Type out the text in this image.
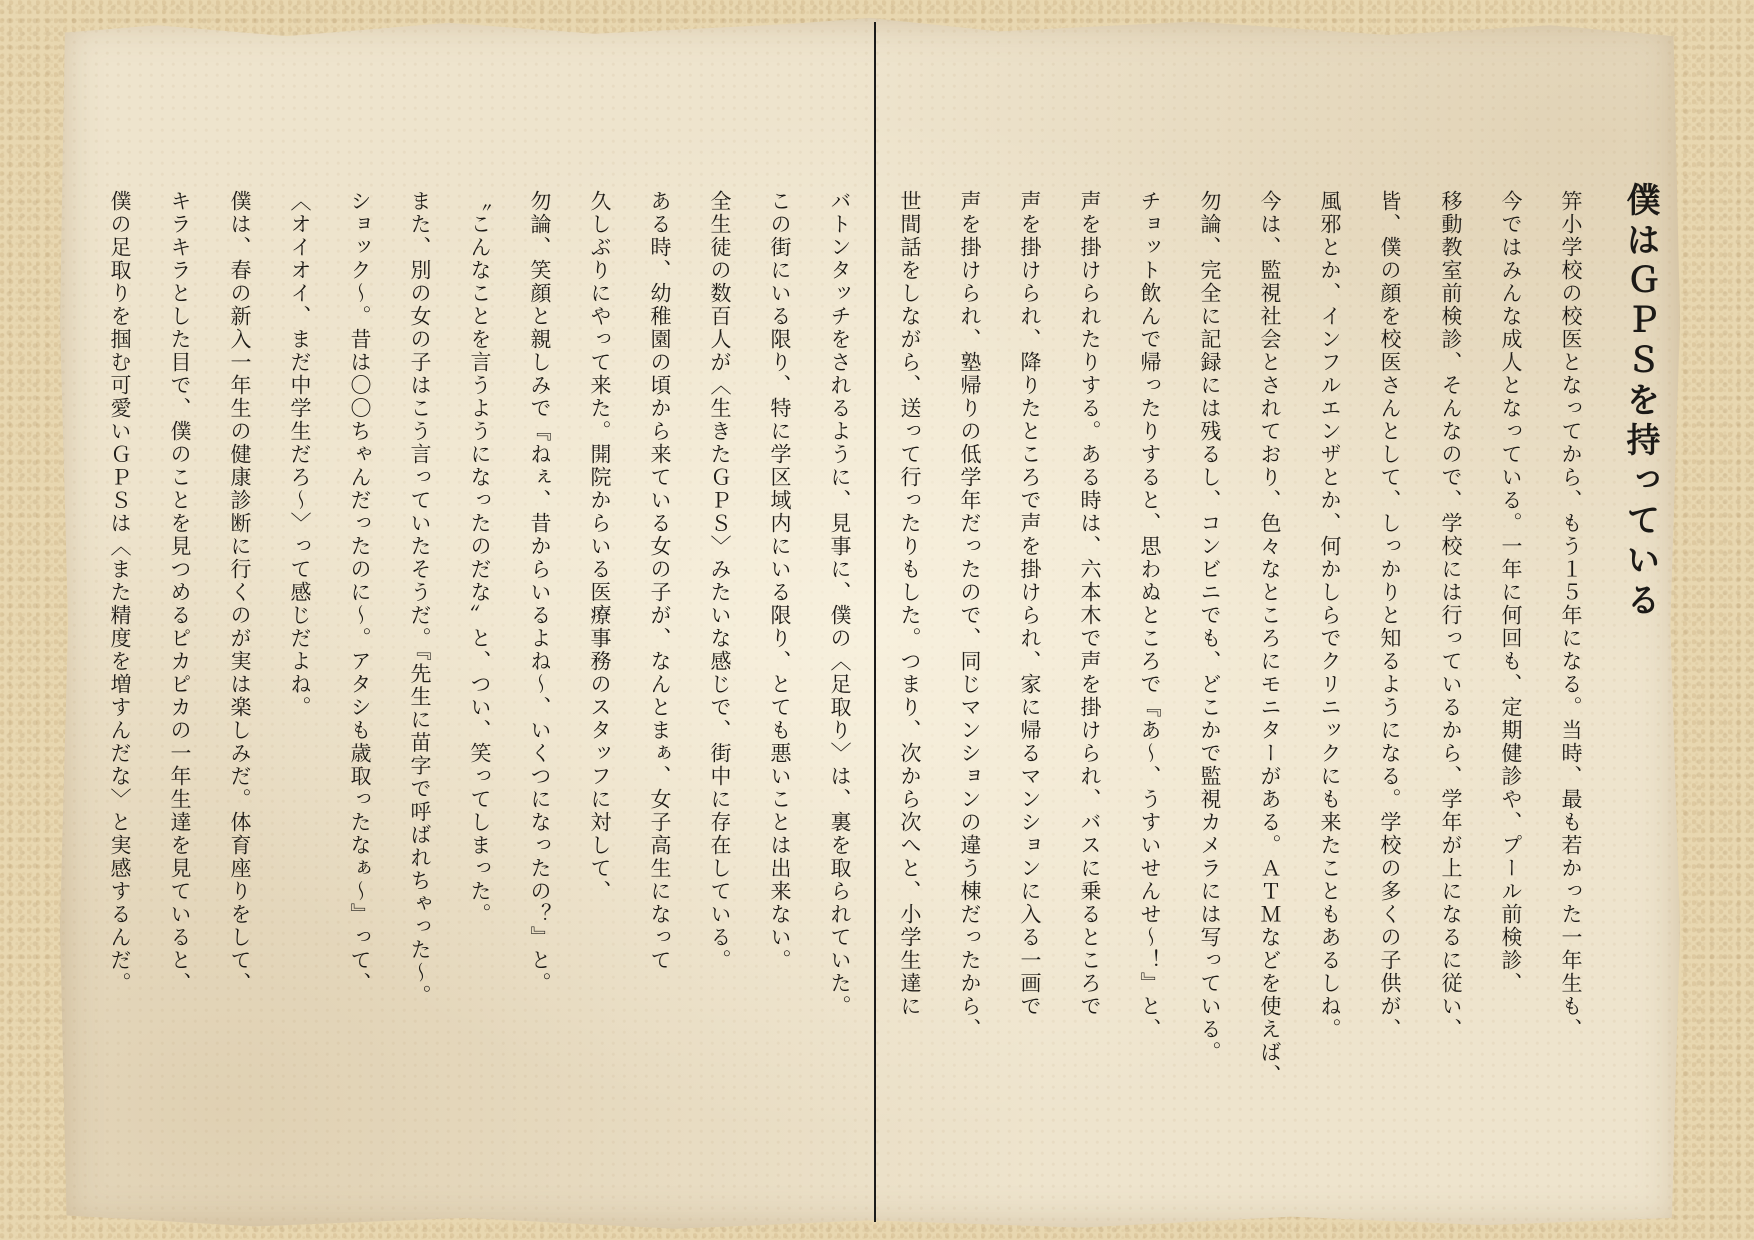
僕はＧＰＳを持っている
笄小学校の校医となってから、もう１５年になる。当時、最も若かった一年生も、
今ではみんな成人となっている。一年に何回も、定期健診や、プール前検診、
移動教室前検診、そんなので、学校には行っているから、学年が上になるに従い、
皆、僕の顔を校医さんとして、しっかりと知るようになる。学校の多くの子供が、
風邪とか、インフルエンザとか、何かしらでクリニックにも来たこともあるしね。
今は、監視社会とされており、色々なところにモニターがある。ＡＴＭなどを使えば、
勿論、完全に記録には残るし、コンビニでも、どこかで監視カメラには写っている。
チョット飲んで帰ったりすると、思わぬところで『あ〜、うすいせんせ〜！』と、
声を掛けられたりする。ある時は、六本木で声を掛けられ、バスに乗るところで
声を掛けられ、降りたところで声を掛けられ、家に帰るマンションに入る一画で
声を掛けられ、塾帰りの低学年だったので、同じマンションの違う棟だったから、
世間話をしながら、送って行ったりもした。つまり、次から次へと、小学生達に
バトンタッチをされるように、見事に、僕の〈足取り〉は、裏を取られていた。
この街にいる限り、特に学区域内にいる限り、とても悪いことは出来ない。
全生徒の数百人が〈生きたＧＰＳ〉みたいな感じで、街中に存在している。
ある時、幼稚園の頃から来ている女の子が、なんとまぁ、女子高生になって
久しぶりにやって来た。開院からいる医療事務のスタッフに対して、
勿論、笑顔と親しみで『ねぇ、昔からいるよね〜、いくつになったの？』と。
〝こんなことを言うようになったのだな〟と、つい、笑ってしまった。
また、別の女の子はこう言っていたそうだ。『先生に苗字で呼ばれちゃった〜。
ショック〜。昔は〇〇ちゃんだったのに〜。アタシも歳取ったなぁ〜』って、
〈オイオイ、まだ中学生だろ〜〉って感じだよね。
僕は、春の新入一年生の健康診断に行くのが実は楽しみだ。体育座りをして、
キラキラとした目で、僕のことを見つめるピカピカの一年生達を見ていると、
僕の足取りを掴む可愛いＧＰＳは〈また精度を増すんだな〉と実感するんだ。
